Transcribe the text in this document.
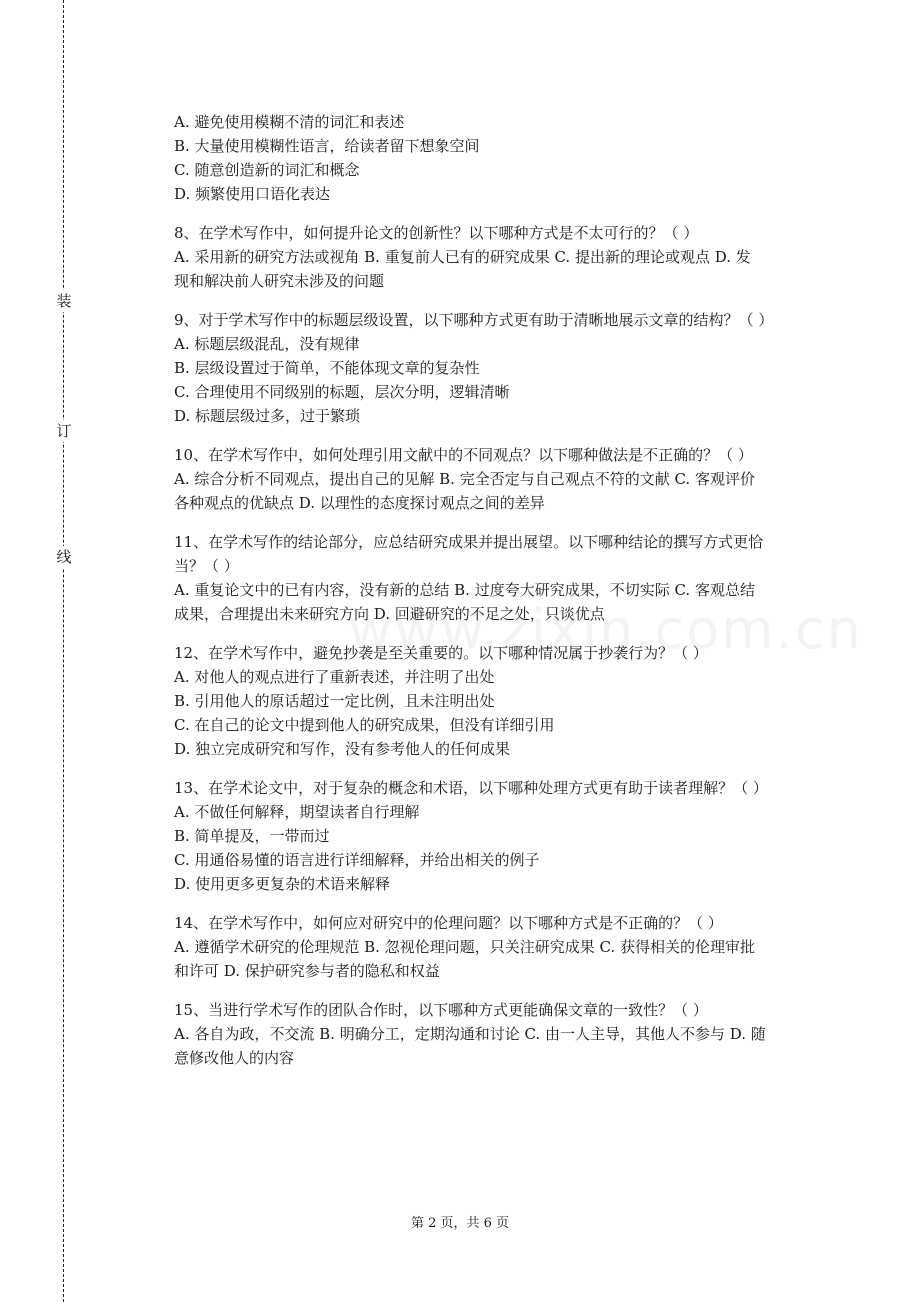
装
订
线

A. 避免使用模糊不清的词汇和表述

B. 大量使用模糊性语言，给读者留下想象空间

C. 随意创造新的词汇和概念

D. 频繁使用口语化表达

8、在学术写作中，如何提升论文的创新性？以下哪种方式是不太可行的？（ ）

A. 采用新的研究方法或视角 B. 重复前人已有的研究成果 C. 提出新的理论或观点 D. 发

现和解决前人研究未涉及的问题

9、对于学术写作中的标题层级设置，以下哪种方式更有助于清晰地展示文章的结构？（ ）

A. 标题层级混乱，没有规律

B. 层级设置过于简单，不能体现文章的复杂性

C. 合理使用不同级别的标题，层次分明，逻辑清晰

D. 标题层级过多，过于繁琐

10、在学术写作中，如何处理引用文献中的不同观点？以下哪种做法是不正确的？（ ）

A. 综合分析不同观点，提出自己的见解 B. 完全否定与自己观点不符的文献 C. 客观评价

各种观点的优缺点 D. 以理性的态度探讨观点之间的差异

11、在学术写作的结论部分，应总结研究成果并提出展望。以下哪种结论的撰写方式更恰

当？（ ）

A. 重复论文中的已有内容，没有新的总结 B. 过度夸大研究成果，不切实际 C. 客观总结

成果，合理提出未来研究方向 D. 回避研究的不足之处，只谈优点

12、在学术写作中，避免抄袭是至关重要的。以下哪种情况属于抄袭行为？（ ）

A. 对他人的观点进行了重新表述，并注明了出处

B. 引用他人的原话超过一定比例，且未注明出处

C. 在自己的论文中提到他人的研究成果，但没有详细引用

D. 独立完成研究和写作，没有参考他人的任何成果

13、在学术论文中，对于复杂的概念和术语，以下哪种处理方式更有助于读者理解？（ ）

A. 不做任何解释，期望读者自行理解

B. 简单提及，一带而过

C. 用通俗易懂的语言进行详细解释，并给出相关的例子

D. 使用更多更复杂的术语来解释

14、在学术写作中，如何应对研究中的伦理问题？以下哪种方式是不正确的？（ ）

A. 遵循学术研究的伦理规范 B. 忽视伦理问题，只关注研究成果 C. 获得相关的伦理审批

和许可 D. 保护研究参与者的隐私和权益

15、当进行学术写作的团队合作时，以下哪种方式更能确保文章的一致性？（ ）

A. 各自为政，不交流 B. 明确分工，定期沟通和讨论 C. 由一人主导，其他人不参与 D. 随

意修改他人的内容

第 2 页，共 6 页
